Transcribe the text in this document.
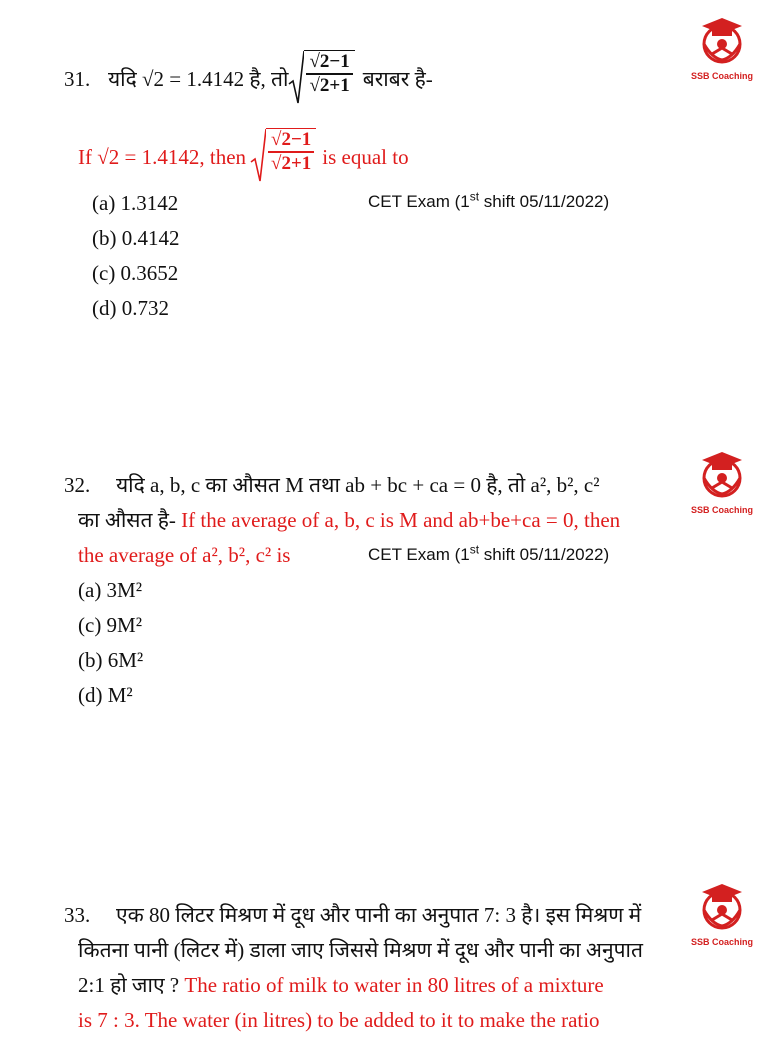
SSB Coaching
SSB Coaching
SSB Coaching
31. यदि √2 = 1.4142 है, तो $\frac{√2-1}{√2+1}$ बराबर है-
If √2 = 1.4142, then $\frac{√2-1}{√2+1}$ is equal to
CET Exam (1st shift 05/11/2022)
(a) 1.3142
(b) 0.4142
(c) 0.3652
(d) 0.732
32.	यदि a, b, c का औसत M तथा ab + bc + ca = 0 है, तो a², b², c²
का औसत है- If the average of a, b, c is M and ab+be+ca = 0, then
the average of a², b², c² is	CET Exam (1st shift 05/11/2022)
(a) 3M²
(c) 9M²
(b) 6M²
(d) M²
33.	एक 80 लिटर मिश्रण में दूध और पानी का अनुपात 7: 3 है। इस मिश्रण में
कितना पानी (लिटर में) डाला जाए जिससे मिश्रण में दूध और पानी का अनुपात
2:1 हो जाए ? The ratio of milk to water in 80 litres of a mixture
is 7 : 3. The water (in litres) to be added to it to make the ratio
